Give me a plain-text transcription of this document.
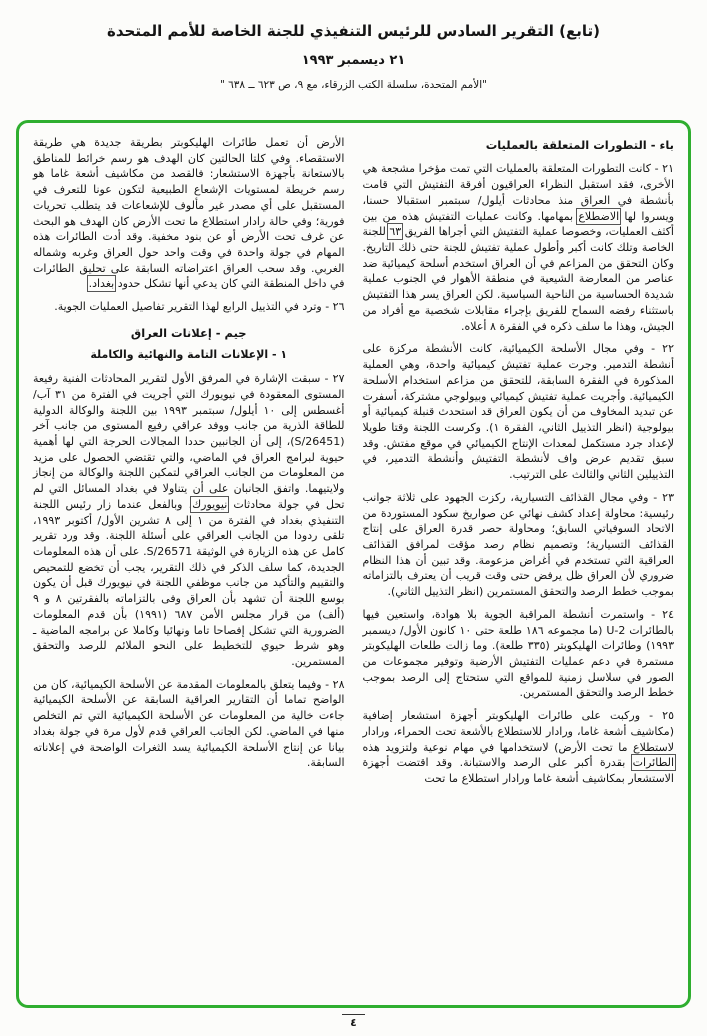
(تابع) التقرير السادس للرئيس التنفيذي للجنة الخاصة للأمم المتحدة
٢١ ديسمبر ١٩٩٣
"الأمم المتحدة، سلسلة الكتب الزرقاء، مع ٩، ص ٦٢٣ ــ ٦٣٨ "
باء - التطورات المتعلقة بالعمليات

٢١ - كانت التطورات المتعلقة بالعمليات التي تمت مؤخرا مشجعة هي الأخرى، فقد استقبل النظراء العراقيون أفرقة التفتيش التي قامت بأنشطة في العراق منذ محادثات أيلول/ سبتمبر استقبالا حسنا، ويسروا لها الاضطلاع بمهامها. وكانت عمليات التفتيش هذه من بين أكثف العمليات، وخصوصا عملية التفتيش التي أجراها الفريق ٦٣ للجنة الخاصة وتلك كانت أكبر وأطول عملية تفتيش للجنة حتى ذلك التاريخ. وكان التحقق من المزاعم في أن العراق استخدم أسلحة كيميائية ضد عناصر من المعارضة الشيعية في منطقة الأهوار في الجنوب عملية شديدة الحساسية من الناحية السياسية. لكن العراق يسر هذا التفتيش باستثناء رفضه السماح للفريق بإجراء مقابلات شخصية مع أفراد من الجيش، وهذا ما سلف ذكره في الفقرة ٨ أعلاه.

٢٢ - وفي مجال الأسلحة الكيميائية، كانت الأنشطة مركزة على أنشطة التدمير. وجرت عملية تفتيش كيميائية واحدة، وهي العملية المذكورة في الفقرة السابقة، للتحقق من مزاعم استخدام الأسلحة الكيميائية. وأجريت عملية تفتيش كيميائي وبيولوجي مشتركة، أسفرت عن تبديد المخاوف من أن يكون العراق قد استحدث قنبلة كيميائية أو بيولوجية (انظر التذييل الثاني، الفقرة ١). وكرست اللجنة وقتا طويلا لإعداد جرد مستكمل لمعدات الإنتاج الكيميائي في موقع مفتش. وقد سبق تقديم عرض واف لأنشطة التفتيش وأنشطة التدمير، في التذييلين الثاني والثالث على الترتيب.

٢٣ - وفي مجال القذائف التسيارية، ركزت الجهود على ثلاثة جوانب رئيسية: محاولة إعداد كشف نهائي عن صواريخ سكود المستوردة من الاتحاد السوفياتي السابق؛ ومحاولة حصر قدرة العراق على إنتاج القذائف التسيارية؛ وتصميم نظام رصد مؤقت لمرافق القذائف العراقية التي تستخدم في أغراض مزعومة. وقد تبين أن هذا النظام ضروري لأن العراق ظل يرفض حتى وقت قريب أن يعترف بالتزاماته بموجب خطط الرصد والتحقق المستمرين (انظر التذييل الثاني).

٢٤ - واستمرت أنشطة المراقبة الجوية بلا هوادة، واستعين فيها بالطائرات U-2 (ما مجموعه ١٨٦ طلعة حتى ١٠ كانون الأول/ ديسمبر ١٩٩٣) وطائرات الهليكوبتر (٣٣٥ طلعة). وما زالت طلعات الهليكوبتر مستمرة في دعم عمليات التفتيش الأرضية وتوفير مجموعات من الصور في سلاسل زمنية للمواقع التي ستحتاج إلى الرصد بموجب خطط الرصد والتحقق المستمرين.

٢٥ - وركبت على طائرات الهليكوبتر أجهزة استشعار إضافية (مكاشيف أشعة غاما، ورادار للاستطلاع بالأشعة تحت الحمراء، ورادار لاستطلاع ما تحت الأرض) لاستخدامها في مهام نوعية ولتزويد هذه الطائرات بقدرة أكبر على الرصد والاستبانة. وقد اقتضت أجهزة الاستشعار بمكاشيف أشعة غاما ورادار استطلاع ما تحت

الأرض أن تعمل طائرات الهليكوبتر بطريقة جديدة هي طريقة الاستقصاء. وفي كلتا الحالتين كان الهدف هو رسم خرائط للمناطق بالاستعانة بأجهزة الاستشعار: فالقصد من مكاشيف أشعة غاما هو رسم خريطة لمستويات الإشعاع الطبيعية لتكون عونا للتعرف في المستقبل على أي مصدر غير مألوف للإشعاعات قد يتطلب تحريات فورية؛ وفي حالة رادار استطلاع ما تحت الأرض كان الهدف هو البحث عن غرف تحت الأرض أو عن بنود مخفية. وقد أدت الطائرات هذه المهام في جولة واحدة في وقت واحد حول العراق وغربه وشماله الغربي. وقد سحب العراق اعتراضاته السابقة على تحليق الطائرات في داخل المنطقة التي كان يدعي أنها تشكل حدود بغداد.

٢٦ - وترد في التذييل الرابع لهذا التقرير تفاصيل العمليات الجوية.

جيم - إعلانات العراق
١ - الإعلانات التامة والنهائية والكاملة

٢٧ - سبقت الإشارة في المرفق الأول لتقرير المحادثات الفنية رفيعة المستوى المعقودة في نيويورك التي أجريت في الفترة من ٣١ آب/ أغسطس إلى ١٠ أيلول/ سبتمبر ١٩٩٣ بين اللجنة والوكالة الدولية للطاقة الذرية من جانب ووفد عراقي رفيع المستوى من جانب آخر (S/26451)، إلى أن الجانبين حددا المجالات الحرجة التي لها أهمية حيوية لبرامج العراق في الماضي، والتي تقتضي الحصول على مزيد من المعلومات من الجانب العراقي لتمكين اللجنة والوكالة من إنجاز ولايتيهما. واتفق الجانبان على أن يتناولا في بغداد المسائل التي لم تحل في جولة محادثات نيويورك. وبالفعل عندما زار رئيس اللجنة التنفيذي بغداد في الفترة من ١ إلى ٨ تشرين الأول/ أكتوبر ١٩٩٣، تلقى ردودا من الجانب العراقي على أسئلة اللجنة. وقد ورد تقرير كامل عن هذه الزيارة في الوثيقة S/26571. على أن هذه المعلومات الجديدة، كما سلف الذكر في ذلك التقرير، يجب أن تخضع للتمحيص والتقييم والتأكيد من جانب موظفي اللجنة في نيويورك قبل أن يكون بوسع اللجنة أن تشهد بأن العراق وفى بالتزاماته بالفقرتين ٨ و ٩ (ألف) من قرار مجلس الأمن ٦٨٧ (١٩٩١) بأن قدم المعلومات الضرورية التي تشكل إفصاحا تاما ونهائيا وكاملا عن برامجه الماضية ـ وهو شرط حيوي للتخطيط على النحو الملائم للرصد والتحقق المستمرين.

٢٨ - وفيما يتعلق بالمعلومات المقدمة عن الأسلحة الكيميائية، كان من الواضح تماما أن التقارير العراقية السابقة عن الأسلحة الكيميائية جاءت خالية من المعلومات عن الأسلحة الكيميائية التي تم التخلص منها في الماضي. لكن الجانب العراقي قدم لأول مرة في جولة بغداد بيانا عن إنتاج الأسلحة الكيميائية يسد الثغرات الواضحة في إعلاناته السابقة.

٤
